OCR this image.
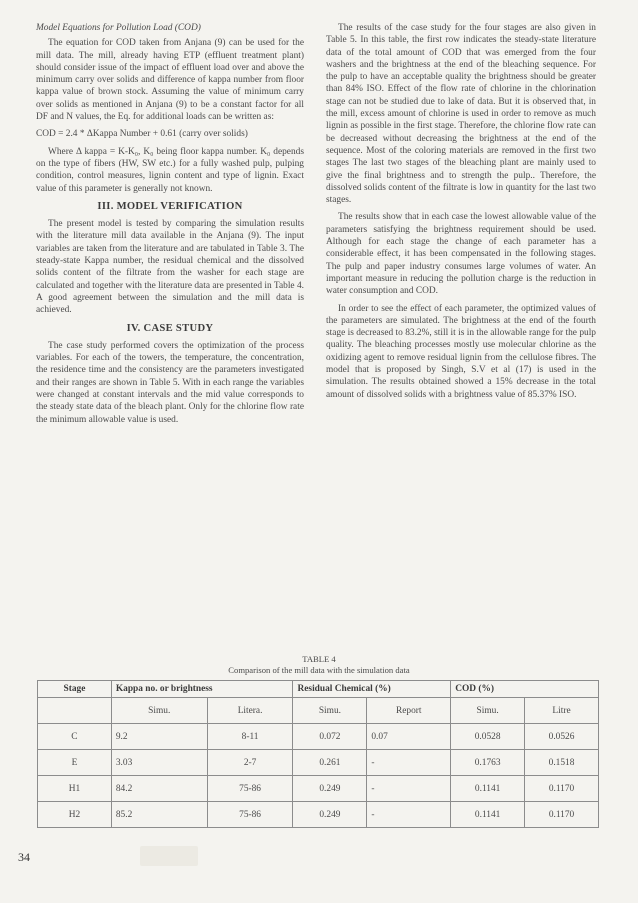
Model Equations for Pollution Load (COD)

The equation for COD taken from Anjana (9) can be used for the mill data. The mill, already having ETP (effluent treatment plant) should consider issue of the impact of effluent load over and above the minimum carry over solids and difference of kappa number from floor kappa value of brown stock. Assuming the value of minimum carry over solids as mentioned in Anjana (9) to be a constant factor for all DF and N values, the Eq. for additional loads can be written as:

COD = 2.4 * ΔKappa Number + 0.61 (carry over solids)

Where Δ kappa = K-K₀, K₀ being floor kappa number. K₀ depends on the type of fibers (HW, SW etc.) for a fully washed pulp, pulping condition, control measures, lignin content and type of lignin. Exact value of this parameter is generally not known.

III. MODEL VERIFICATION

The present model is tested by comparing the simulation results with the literature mill data available in the Anjana (9). The input variables are taken from the literature and are tabulated in Table 3. The steady-state Kappa number, the residual chemical and the dissolved solids content of the filtrate from the washer for each stage are calculated and together with the literature data are presented in Table 4. A good agreement between the simulation and the mill data is achieved.

IV. CASE STUDY

The case study performed covers the optimization of the process variables. For each of the towers, the temperature, the concentration, the residence time and the consistency are the parameters investigated and their ranges are shown in Table 5. With in each range the variables were changed at constant intervals and the mid value corresponds to the steady state data of the bleach plant. Only for the chlorine flow rate the minimum allowable value is used.

The results of the case study for the four stages are also given in Table 5. In this table, the first row indicates the steady-state literature data of the total amount of COD that was emerged from the four washers and the brightness at the end of the bleaching sequence. For the pulp to have an acceptable quality the brightness should be greater than 84% ISO. Effect of the flow rate of chlorine in the chlorination stage can not be studied due to lake of data. But it is observed that, in the mill, excess amount of chlorine is used in order to remove as much lignin as possible in the first stage. Therefore, the chlorine flow rate can be decreased without decreasing the brightness at the end of the sequence. Most of the coloring materials are removed in the first two stages The last two stages of the bleaching plant are mainly used to give the final brightness and to strength the pulp.. Therefore, the dissolved solids content of the filtrate is low in quantity for the last two stages.

The results show that in each case the lowest allowable value of the parameters satisfying the brightness requirement should be used. Although for each stage the change of each parameter has a considerable effect, it has been compensated in the following stages. The pulp and paper industry consumes large volumes of water. An important measure in reducing the pollution charge is the reduction in water consumption and COD.

In order to see the effect of each parameter, the optimized values of the parameters are simulated. The brightness at the end of the fourth stage is decreased to 83.2%, still it is in the allowable range for the pulp quality. The bleaching processes mostly use molecular chlorine as the oxidizing agent to remove residual lignin from the cellulose fibres. The model that is proposed by Singh, S.V et al (17) is used in the simulation. The results obtained showed a 15% decrease in the total amount of dissolved solids with a brightness value of 85.37% ISO.

TABLE 4
Comparison of the mill data with the simulation data
Stage	Kappa no. or brightness		Residual Chemical (%)		COD (%)	
	Simu.	Litera.	Simu.	Report	Simu.	Litre
C	9.2	8-11	0.072	0.07	0.0528	0.0526
E	3.03	2-7	0.261	-	0.1763	0.1518
H1	84.2	75-86	0.249	-	0.1141	0.1170
H2	85.2	75-86	0.249	-	0.1141	0.1170
34
